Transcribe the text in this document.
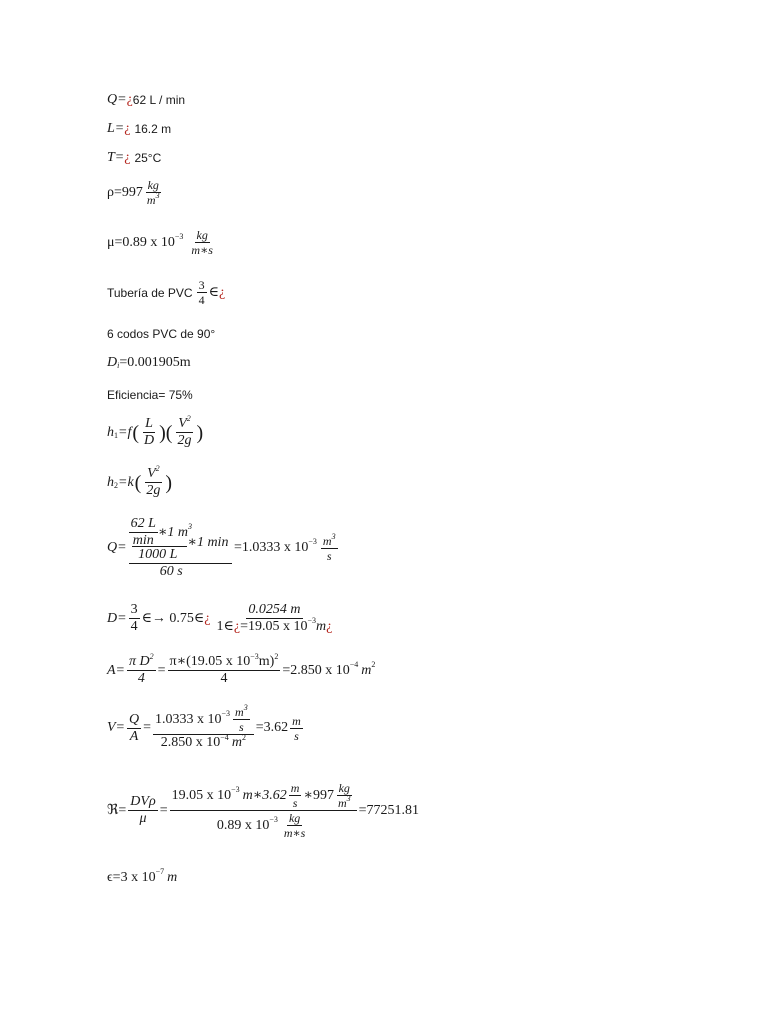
Q= ¿ 62 L / min
L= ¿ 16.2 m
T= ¿ 25°C
$\rho=997 \frac{kg}{m^3}$
μ=0.89 x $10^{-3} \frac{kg}{m∗s}$
Tubería de PVC $\frac{3}{4}$ ∈ ¿
6 codos PVC de 90°
$D_i =0.001905m$
Eficiencia= 75%
$h_1 =f$ ( $\frac{L}{D}$ )( $\frac{V^2}{2g}$ )
$h_2 =k$ ( $\frac{V^2}{2g}$ )
$Q= \frac{62 L}{\min}$ ∗1 $m^3$
1000 L
∗1 min
60 s
=1.0333 x $10^{-3} \frac{m^3}{s}$
$D= \frac{3}{4}$ ∈→ 0.75∈ ¿ $\frac{0.0254 m}{1\in ¿ =19.05 x 10^{-3} m ¿}$
$A= \frac{\pi D^2}{4} = \frac{\pi∗(19.05 x 10^{-3}m)^2}{4} =2.850$ x $10^{-4}$ $m^2$
$V= \frac{Q}{A} = \frac{1.0333 x 10^{-3} \frac{m^3}{s}}{2.850 x 10^{-4} m^2} =3.62 \frac{m}{s}$
ℜ= $\frac{\text{DVρ}}{\mu}$ =
19.05 x $10^{-3}$ m∗3.62 $\frac{m}{s}$ ∗997 $\frac{kg}{m^3}$
0.89 x $10^{-3} \frac{kg}{m∗s}$
=77251.81
ϵ=3 x $10^{-7}$ m
